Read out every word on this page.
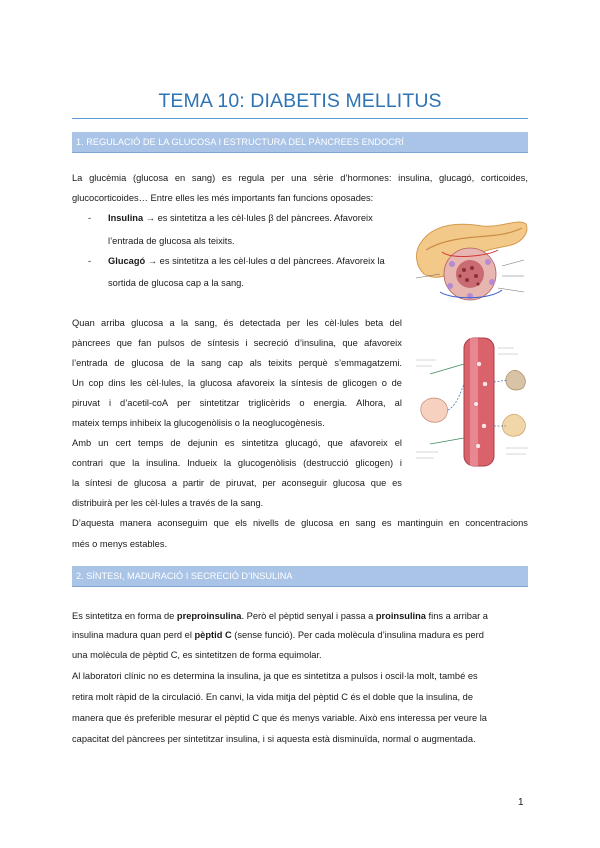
TEMA 10: DIABETIS MELLITUS
1. REGULACIÓ DE LA GLUCOSA I ESTRUCTURA DEL PÀNCREES ENDOCRÍ
La glucèmia (glucosa en sang) es regula per una sèrie d’hormones: insulina, glucagó, corticoides,
glucocorticoides… Entre elles les més importants fan funcions oposades:
- Insulina → es sintetitza a les cèl·lules β del pàncrees. Afavoreix
l’entrada de glucosa als teixits.
- Glucagó → es sintetitza a les cèl·lules α del pàncrees. Afavoreix la
sortida de glucosa cap a la sang.
Quan arriba glucosa a la sang, és detectada per les cèl·lules beta del
pàncrees que fan pulsos de síntesis i secreció d’insulina, que afavoreix
l’entrada de glucosa de la sang cap als teixits perquè s’emmagatzemi.
Un cop dins les cèl·lules, la glucosa afavoreix la síntesis de glicogen o de
piruvat i d’acetil-coA per sintetitzar triglicèrids o energia. Alhora, al
mateix temps inhibeix la glucogenòlisis o la neoglucogènesis.
Amb un cert temps de dejunin es sintetitza glucagó, que afavoreix el
contrari que la insulina. Indueix la glucogenòlisis (destrucció glicogen) i
la síntesi de glucosa a partir de piruvat, per aconseguir glucosa que es
distribuirà per les cèl·lules a través de la sang.
D’aquesta manera aconseguim que els nivells de glucosa en sang es mantinguin en concentracions
més o menys estables.
2. SÍNTESI, MADURACIÓ I SECRECIÓ D’INSULINA
Es sintetitza en forma de preproinsulina. Però el pèptid senyal i passa a proinsulina fins a arribar a
insulina madura quan perd el pèptid C (sense funció). Per cada molècula d’insulina madura es perd
una molècula de pèptid C, es sintetitzen de forma equimolar.
Al laboratori clínic no es determina la insulina, ja que es sintetitza a pulsos i oscil·la molt, també es
retira molt ràpid de la circulació. En canvi, la vida mitja del pèptid C és el doble que la insulina, de
manera que és preferible mesurar el pèptid C que és menys variable. Això ens interessa per veure la
capacitat del pàncrees per sintetitzar insulina, i si aquesta està disminuïda, normal o augmentada.
1
